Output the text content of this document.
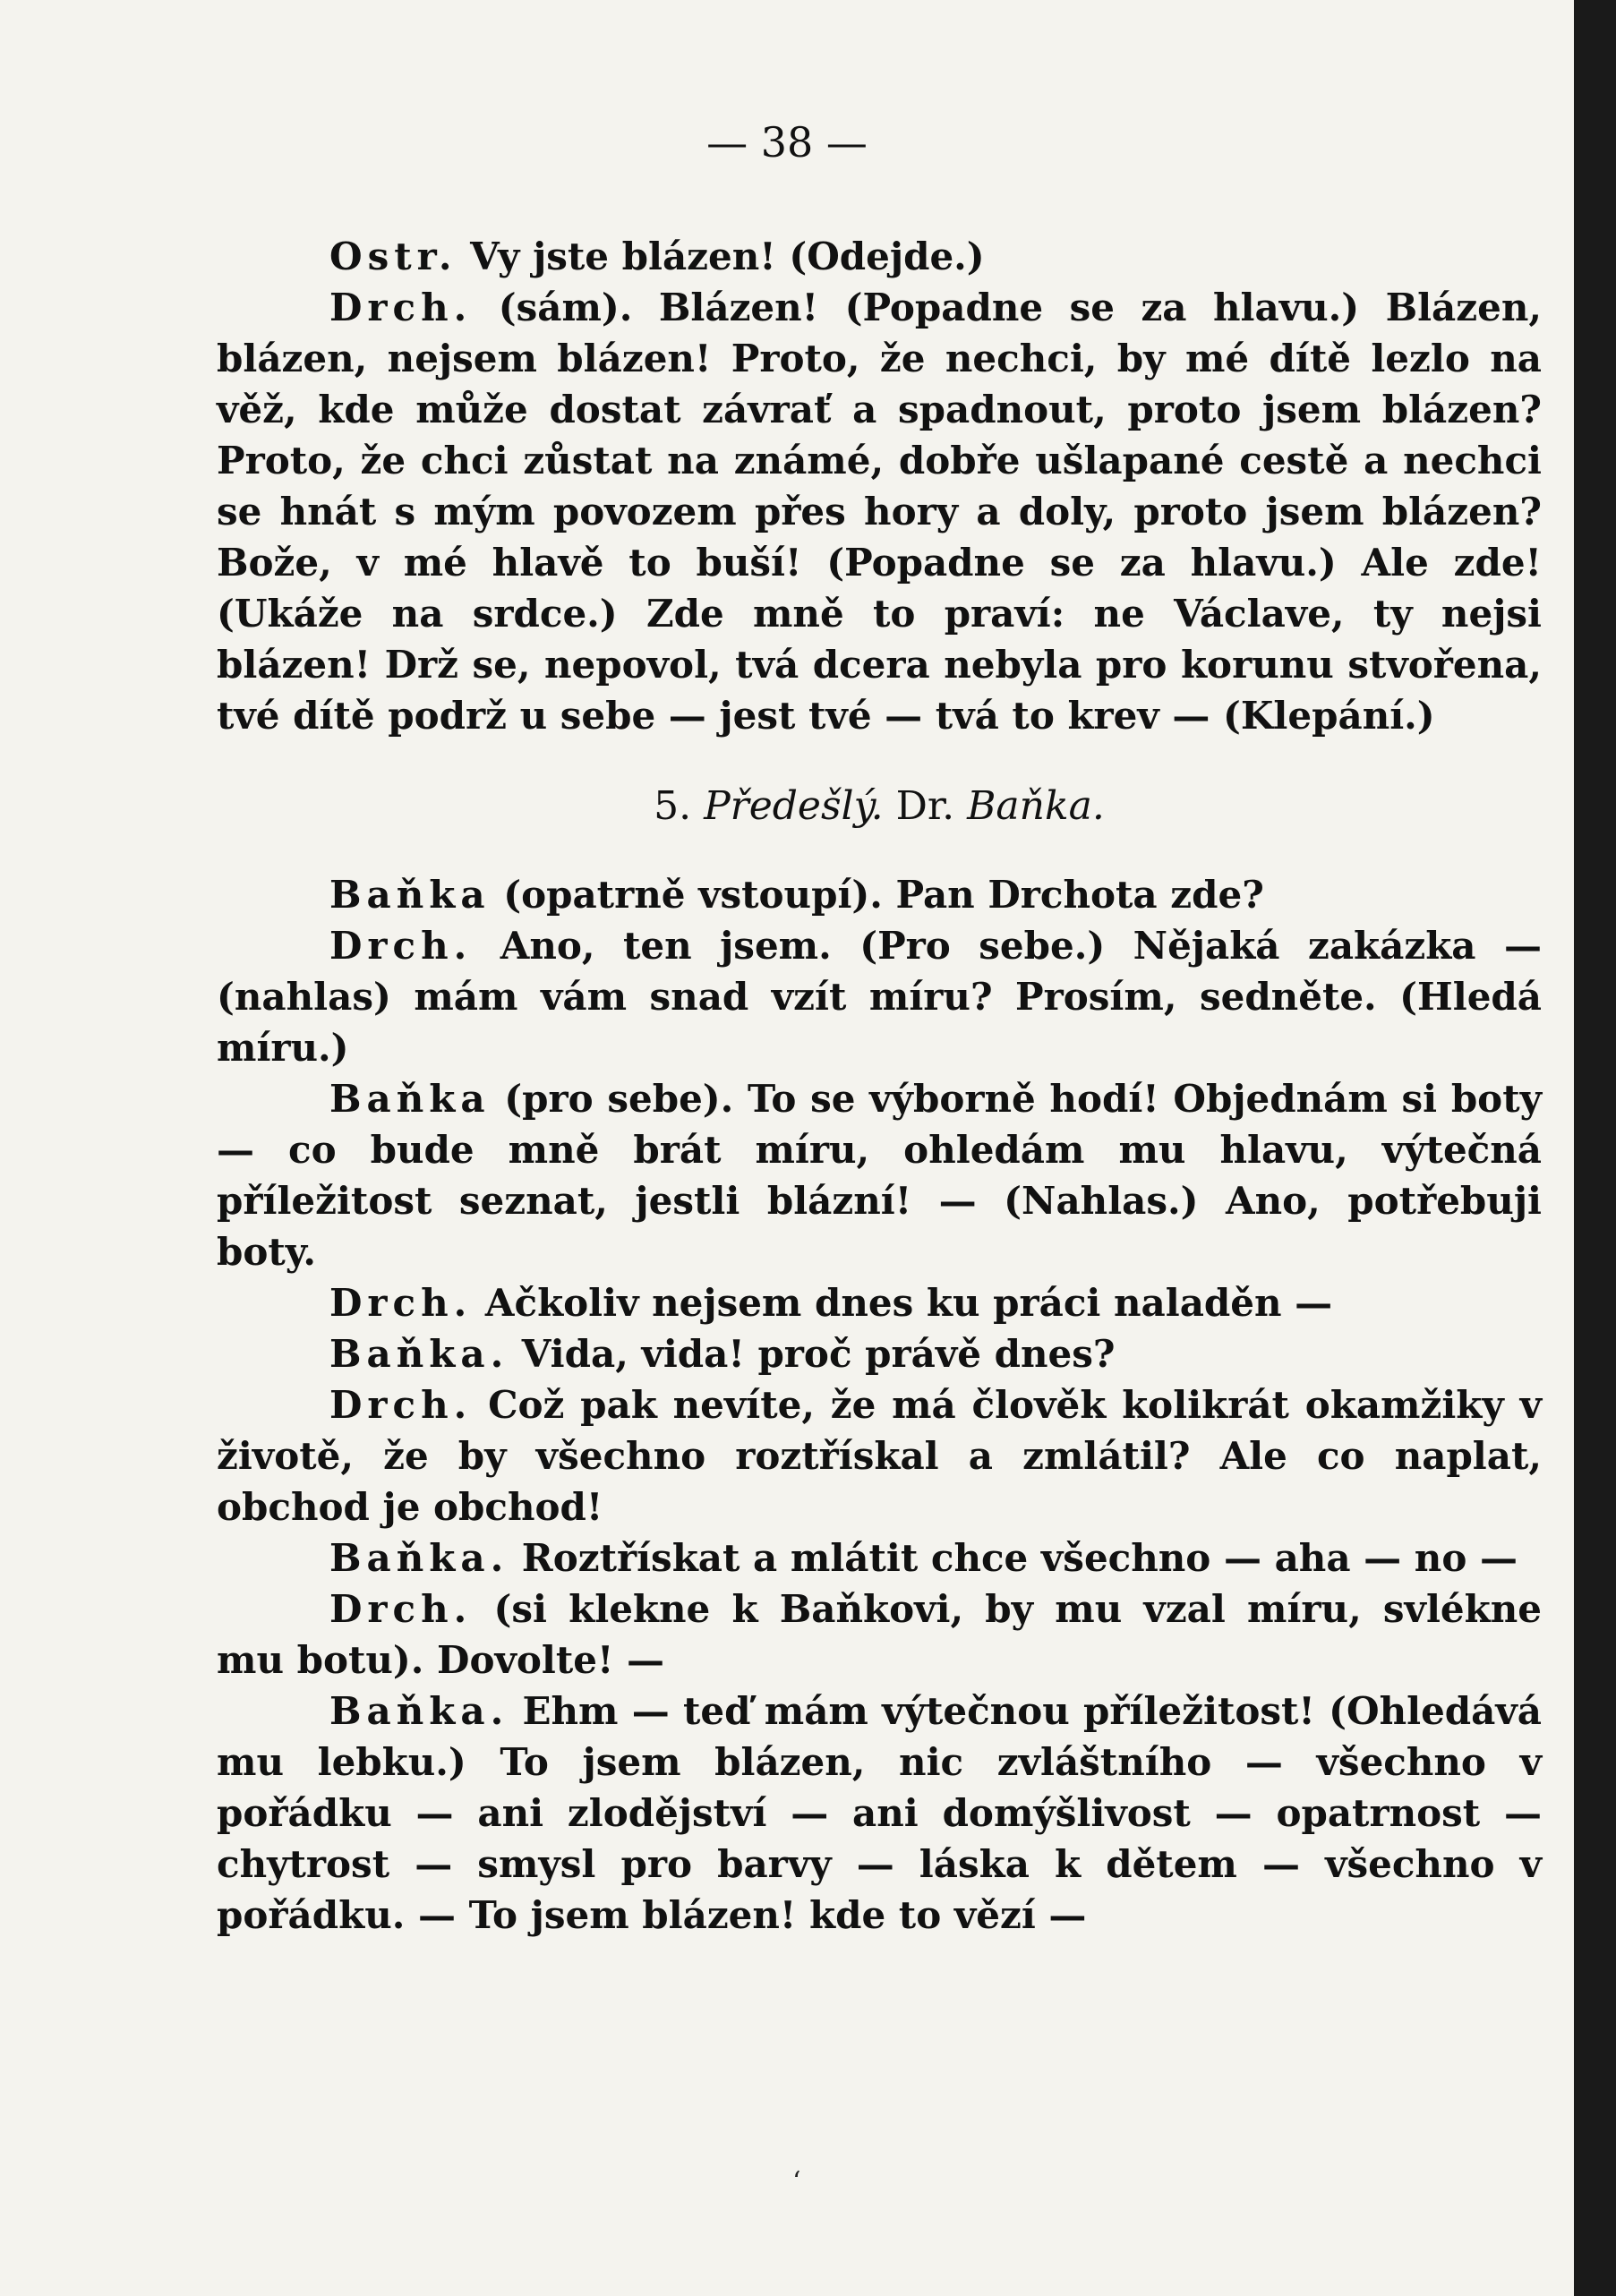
— 38 —

Ostr. Vy jste blázen! (Odejde.)

Drch. (sám). Blázen! (Popadne se za hlavu.) Blázen, blázen, nejsem blázen! Proto, že nechci, by mé dítě lezlo na věž, kde může dostat závrať a spadnout, proto jsem blázen? Proto, že chci zůstat na známé, dobře ušlapané cestě a nechci se hnát s mým povozem přes hory a doly, proto jsem blázen? Bože, v mé hlavě to buší! (Popadne se za hlavu.) Ale zde! (Ukáže na srdce.) Zde mně to praví: ne Václave, ty nejsi blázen! Drž se, nepovol, tvá dcera nebyla pro korunu stvořena, tvé dítě podrž u sebe — jest tvé — tvá to krev — (Klepání.)

5. Předešlý. Dr. Baňka.

Baňka (opatrně vstoupí). Pan Drchota zde?

Drch. Ano, ten jsem. (Pro sebe.) Nějaká zakázka — (nahlas) mám vám snad vzít míru? Prosím, sedněte. (Hledá míru.)

Baňka (pro sebe). To se výborně hodí! Objednám si boty — co bude mně brát míru, ohledám mu hlavu, výtečná příležitost seznat, jestli blázní! — (Nahlas.) Ano, potřebuji boty.

Drch. Ačkoliv nejsem dnes ku práci naladěn —

Baňka. Vida, vida! proč právě dnes?

Drch. Což pak nevíte, že má člověk kolikrát okamžiky v životě, že by všechno roztřískal a zmlátil? Ale co naplat, obchod je obchod!

Baňka. Roztřískat a mlátit chce všechno — aha — no —

Drch. (si klekne k Baňkovi, by mu vzal míru, svlékne mu botu). Dovolte! —

Baňka. Ehm — teď mám výtečnou příležitost! (Ohledává mu lebku.) To jsem blázen, nic zvláštního — všechno v pořádku — ani zlodějství — ani domýšlivost — opatrnost — chytrost — smysl pro barvy — láska k dětem — všechno v pořádku. — To jsem blázen! kde to vězí —

‘
